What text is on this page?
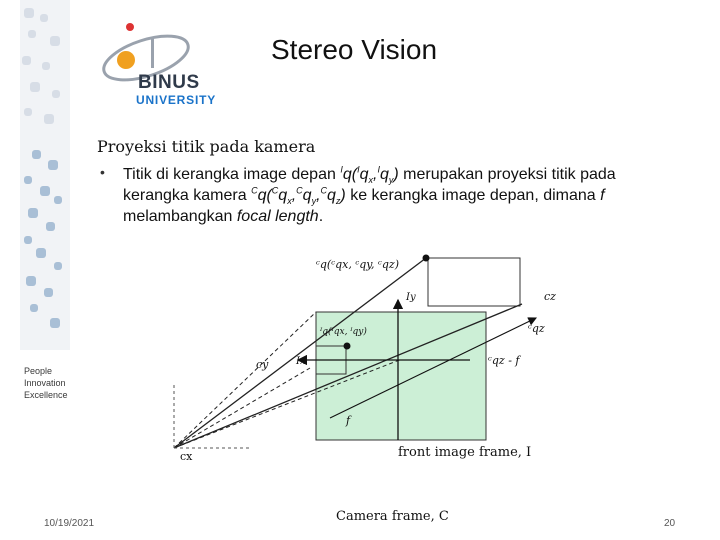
BINUS
UNIVERSITY
Stereo Vision
People
Innovation
Excellence
Proyeksi titik pada kamera
• Titik di kerangka image depan $^Iq(^Iq_x,^Iq_y)$ merupakan proyeksi titik pada kerangka kamera $^Cq(^Cq_x,^Cq_y,^Cq_z)$ ke kerangka image depan, dimana f melambangkan focal length.
ᶜq(ᶜqx, ᶜqy, ᶜqz)
ᴵq(ᴵqx, ᴵqy)
Iy
Ix
cz
cy
cx
ᶜqz
ᶜqz - f
f
front image frame, I
Camera frame, C
10/19/2021	20
